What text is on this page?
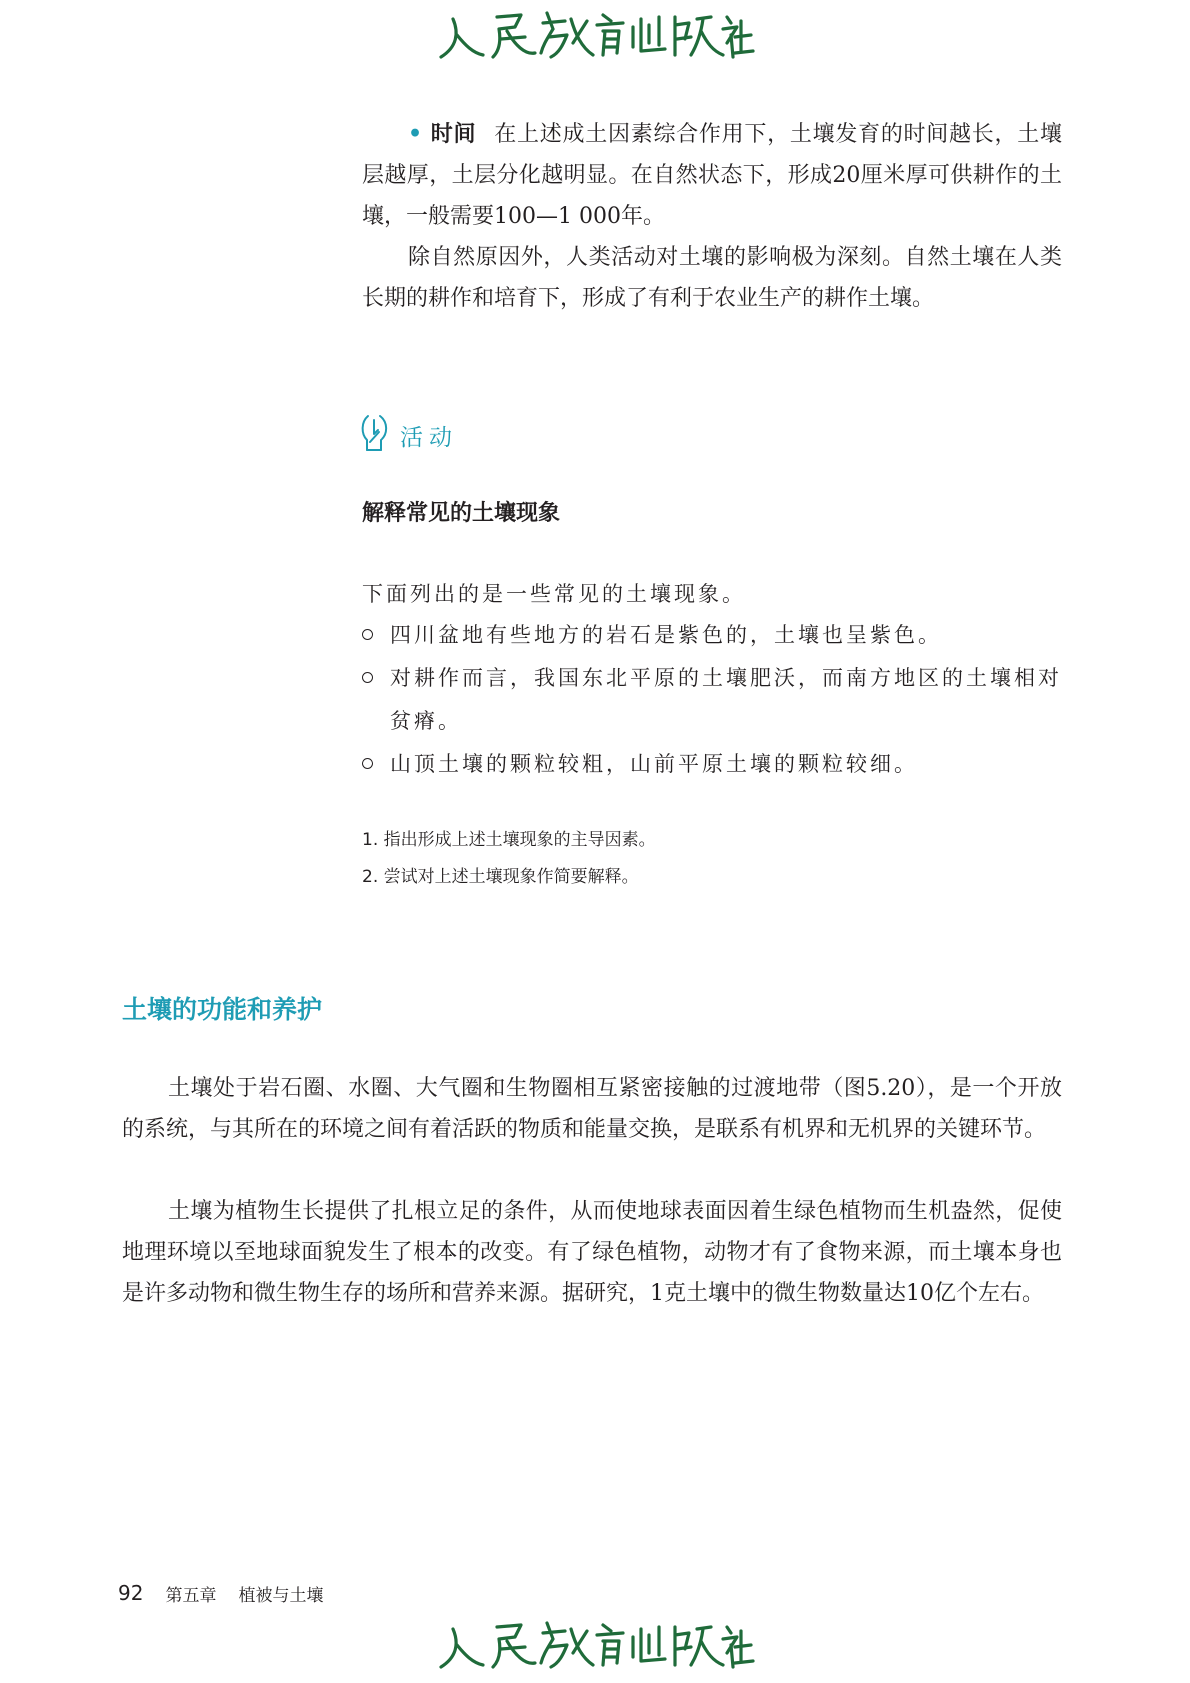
• 时间 在上述成土因素综合作用下，土壤发育的时间越长，土壤层越厚，土层分化越明显。在自然状态下，形成20厘米厚可供耕作的土壤，一般需要100—1 000年。

除自然原因外，人类活动对土壤的影响极为深刻。自然土壤在人类长期的耕作和培育下，形成了有利于农业生产的耕作土壤。

活动
解释常见的土壤现象

下面列出的是一些常见的土壤现象。

四川盆地有些地方的岩石是紫色的，土壤也呈紫色。
对耕作而言，我国东北平原的土壤肥沃，而南方地区的土壤相对贫瘠。
山顶土壤的颗粒较粗，山前平原土壤的颗粒较细。
1. 指出形成上述土壤现象的主导因素。
2. 尝试对上述土壤现象作简要解释。
土壤的功能和养护

土壤处于岩石圈、水圈、大气圈和生物圈相互紧密接触的过渡地带（图5.20），是一个开放的系统，与其所在的环境之间有着活跃的物质和能量交换，是联系有机界和无机界的关键环节。

土壤为植物生长提供了扎根立足的条件，从而使地球表面因着生绿色植物而生机盎然，促使地理环境以至地球面貌发生了根本的改变。有了绿色植物，动物才有了食物来源，而土壤本身也是许多动物和微生物生存的场所和营养来源。据研究，1克土壤中的微生物数量达10亿个左右。

92 第五章 植被与土壤
